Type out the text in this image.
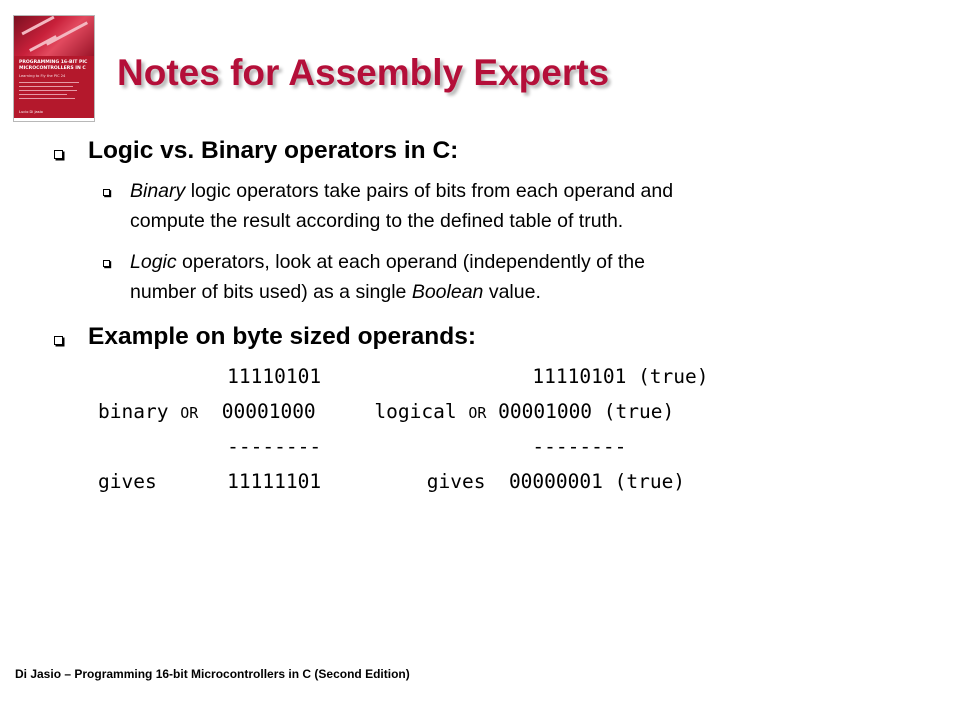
PROGRAMMING 16-BIT PIC MICROCONTROLLERS IN C
Learning to Fly the PIC 24
Lucio Di Jasio
Notes for Assembly Experts
Logic vs. Binary operators in C:
Binary logic operators take pairs of bits from each operand and
compute the result according to the defined table of truth.
Logic operators, look at each operand (independently of the
number of bits used) as a single Boolean value.
Example on byte sized operands:
11110101	11110101 (true)
binary OR 00001000	logical OR 00001000 (true)
--------	--------
gives	11111101	gives 00000001 (true)
Di Jasio – Programming 16-bit Microcontrollers in C (Second Edition)
